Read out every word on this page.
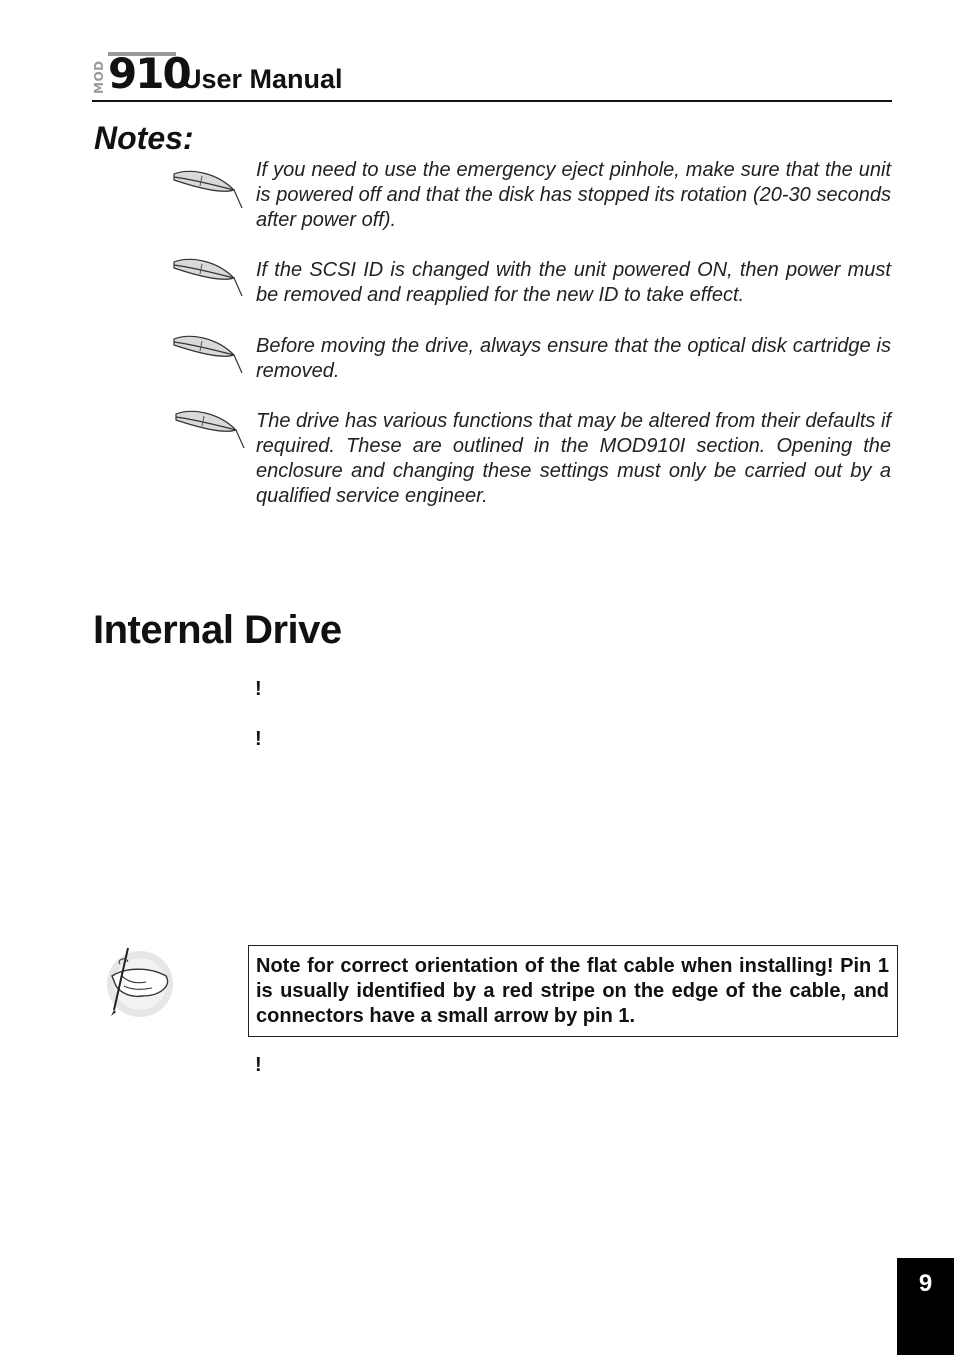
MOD 910
User Manual
Notes:
If you need to use the emergency eject pinhole, make sure that the unit is powered off and that the disk has stopped its rotation (20-30 seconds after power off).
If the SCSI ID is changed with the unit powered ON, then power must be removed and reapplied for the new ID to take effect.
Before moving the drive, always ensure that the optical disk cartridge is removed.
The drive has various functions that may be altered from their defaults if required. These are outlined in the MOD910I section. Opening the enclosure and changing these settings must only be carried out by a qualified service engineer.
Internal Drive
!
!
Note for correct orientation of the flat cable when installing! Pin 1 is usually identified by a red stripe on the edge of the cable, and connectors have a small arrow by pin 1.
!
9
